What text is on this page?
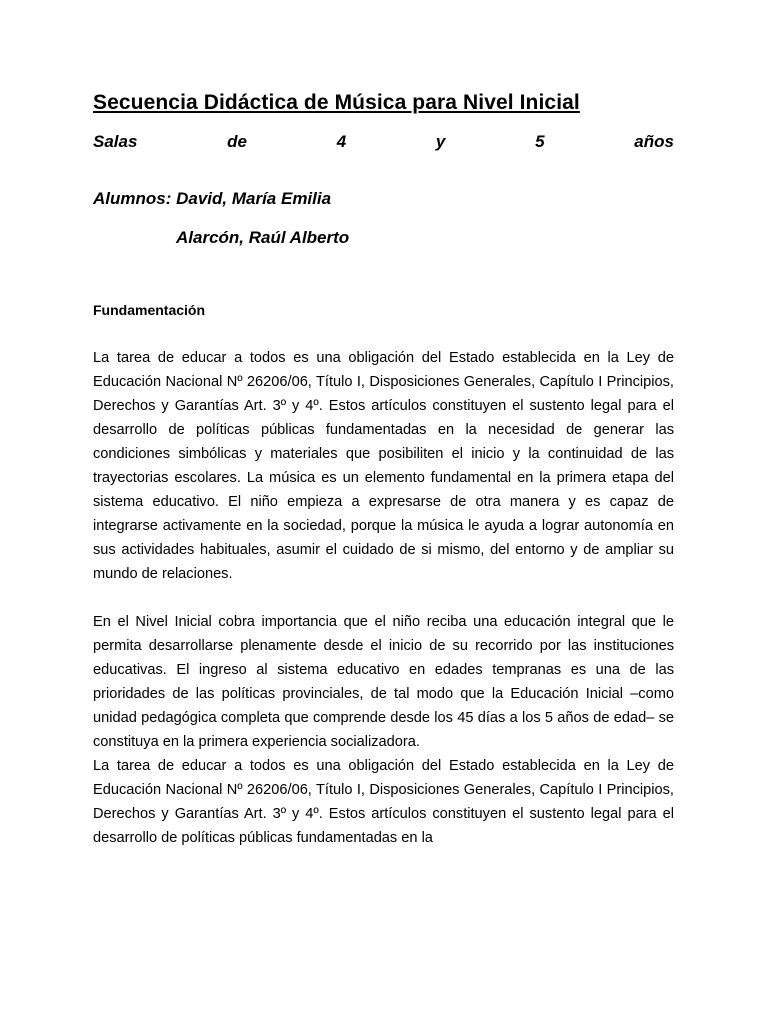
Secuencia Didáctica de Música para Nivel Inicial
Salas	de	4	y	5	años
Alumnos: David, María Emilia
Alarcón, Raúl Alberto
Fundamentación

La tarea de educar a todos es una obligación del Estado establecida en la Ley de Educación Nacional Nº 26206/06, Título I, Disposiciones Generales, Capítulo I Principios, Derechos y Garantías Art. 3º y 4º. Estos artículos constituyen el sustento legal para el desarrollo de políticas públicas fundamentadas en la necesidad de generar las condiciones simbólicas y materiales que posibiliten el inicio y la continuidad de las trayectorias escolares. La música es un elemento fundamental en la primera etapa del sistema educativo. El niño empieza a expresarse de otra manera y es capaz de integrarse activamente en la sociedad, porque la música le ayuda a lograr autonomía en sus actividades habituales, asumir el cuidado de si mismo, del entorno y de ampliar su mundo de relaciones.

En el Nivel Inicial cobra importancia que el niño reciba una educación integral que le permita desarrollarse plenamente desde el inicio de su recorrido por las instituciones educativas. El ingreso al sistema educativo en edades tempranas es una de las prioridades de las políticas provinciales, de tal modo que la Educación Inicial –como unidad pedagógica completa que comprende desde los 45 días a los 5 años de edad– se constituya en la primera experiencia socializadora.

La tarea de educar a todos es una obligación del Estado establecida en la Ley de Educación Nacional Nº 26206/06, Título I, Disposiciones Generales, Capítulo I Principios, Derechos y Garantías Art. 3º y 4º. Estos artículos constituyen el sustento legal para el desarrollo de políticas públicas fundamentadas en la
